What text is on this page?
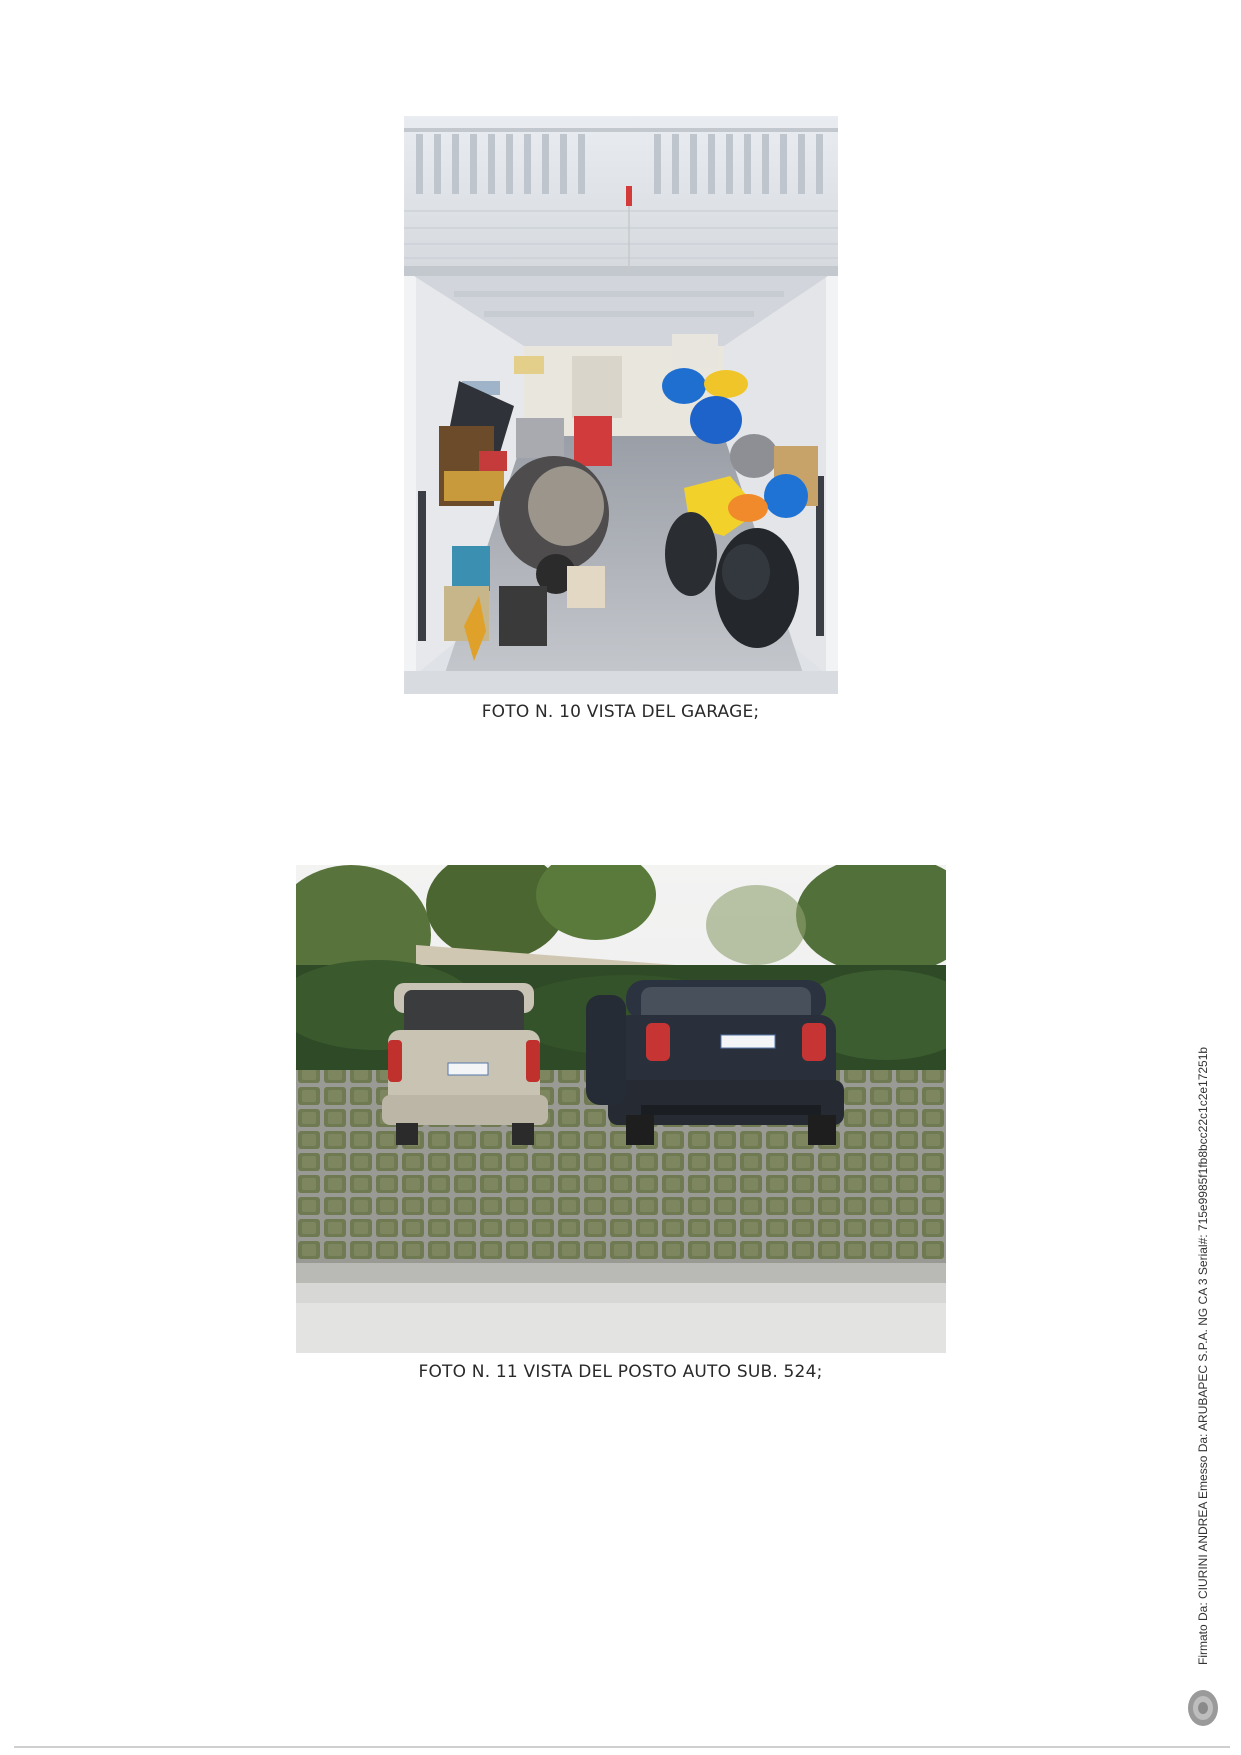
FOTO N. 10 VISTA DEL GARAGE;
FOTO N. 11 VISTA DEL POSTO AUTO SUB. 524;	Firmato Da: CIURINI ANDREA Emesso Da: ARUBAPEC S.P.A. NG CA 3 Serial#: 715e9985f1fb8bcc22c1c2e17251b
